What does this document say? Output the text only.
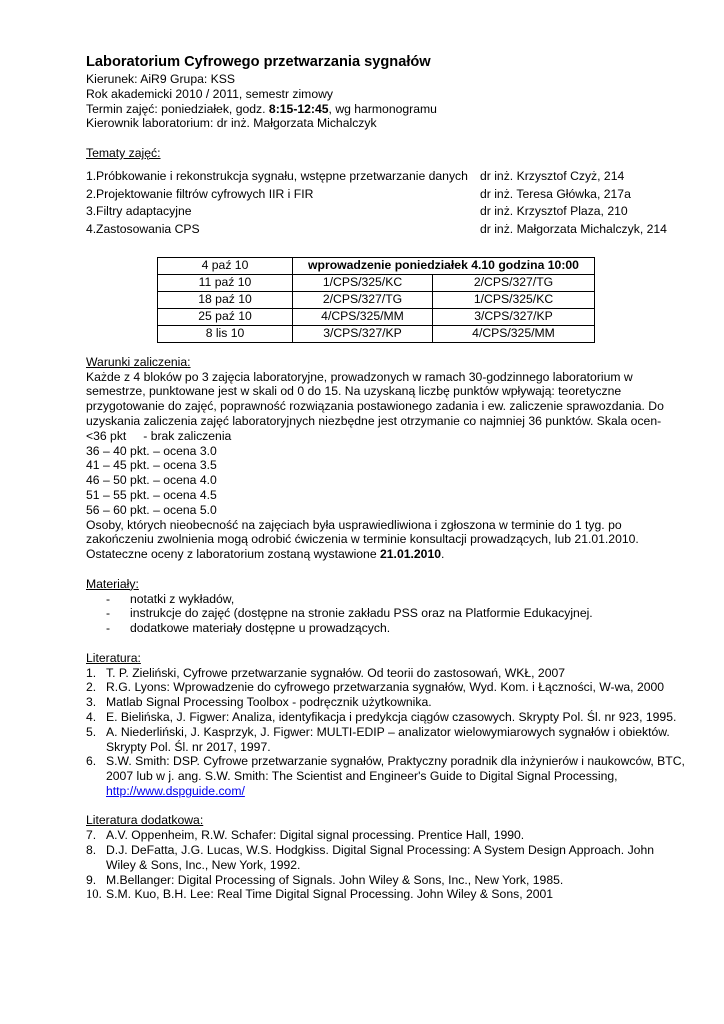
Laboratorium Cyfrowego przetwarzania sygnałów
Kierunek: AiR9 Grupa: KSS
Rok akademicki 2010 / 2011, semestr zimowy
Termin zajęć: poniedziałek, godz. 8:15-12:45, wg harmonogramu
Kierownik laboratorium: dr inż. Małgorzata Michalczyk
Tematy zajęć:
1. Próbkowanie i rekonstrukcja sygnału, wstępne przetwarzanie danych dr inż. Krzysztof Czyż, 214
2. Projektowanie filtrów cyfrowych IIR i FIR	dr inż. Teresa Główka, 217a
3. Filtry adaptacyjne	dr inż. Krzysztof Plaza, 210
4. Zastosowania CPS	dr inż. Małgorzata Michalczyk, 214
4 paź 10	wprowadzenie poniedziałek 4.10 godzina 10:00	
11 paź 10	1/CPS/325/KC	2/CPS/327/TG
18 paź 10	2/CPS/327/TG	1/CPS/325/KC
25 paź 10	4/CPS/325/MM	3/CPS/327/KP
8 lis 10	3/CPS/327/KP	4/CPS/325/MM
Warunki zaliczenia:
Każde z 4 bloków po 3 zajęcia laboratoryjne, prowadzonych w ramach 30-godzinnego laboratorium w
semestrze, punktowane jest w skali od 0 do 15. Na uzyskaną liczbę punktów wpływają: teoretyczne
przygotowanie do zajęć, poprawność rozwiązania postawionego zadania i ew. zaliczenie sprawozdania. Do
uzyskania zaliczenia zajęć laboratoryjnych niezbędne jest otrzymanie co najmniej 36 punktów. Skala ocen-
<36 pkt     - brak zaliczenia
36 – 40 pkt. – ocena 3.0
41 – 45 pkt. – ocena 3.5
46 – 50 pkt. – ocena 4.0
51 – 55 pkt. – ocena 4.5
56 – 60 pkt. – ocena 5.0
Osoby, których nieobecność na zajęciach była usprawiedliwiona i zgłoszona w terminie do 1 tyg. po
zakończeniu zwolnienia mogą odrobić ćwiczenia w terminie konsultacji prowadzących, lub 21.01.2010.
Ostateczne oceny z laboratorium zostaną wystawione 21.01.2010.
Materiały:
-	notatki z wykładów,
-	instrukcje do zajęć (dostępne na stronie zakładu PSS oraz na Platformie Edukacyjnej.
-	dodatkowe materiały dostępne u prowadzących.
Literatura:
1. T. P. Zieliński, Cyfrowe przetwarzanie sygnałów. Od teorii do zastosowań, WKŁ, 2007
2. R.G. Lyons: Wprowadzenie do cyfrowego przetwarzania sygnałów, Wyd. Kom. i Łączności, W-wa, 2000
3. Matlab Signal Processing Toolbox - podręcznik użytkownika.
4. E. Bielińska, J. Figwer: Analiza, identyfikacja i predykcja ciągów czasowych. Skrypty Pol. Śl. nr 923, 1995.
5. A. Niederliński, J. Kasprzyk, J. Figwer: MULTI-EDIP – analizator wielowymiarowych sygnałów i obiektów. Skrypty Pol. Śl. nr 2017, 1997.
6. S.W. Smith: DSP. Cyfrowe przetwarzanie sygnałów, Praktyczny poradnik dla inżynierów i naukowców, BTC, 2007 lub w j. ang. S.W. Smith: The Scientist and Engineer's Guide to Digital Signal Processing,
http://www.dspguide.com/
Literatura dodatkowa:
7. A.V. Oppenheim, R.W. Schafer: Digital signal processing. Prentice Hall, 1990.
8. D.J. DeFatta, J.G. Lucas, W.S. Hodgkiss. Digital Signal Processing: A System Design Approach. John Wiley & Sons, Inc., New York, 1992.
9. M.Bellanger: Digital Processing of Signals. John Wiley & Sons, Inc., New York, 1985.
10. S.M. Kuo, B.H. Lee: Real Time Digital Signal Processing. John Wiley & Sons, 2001
